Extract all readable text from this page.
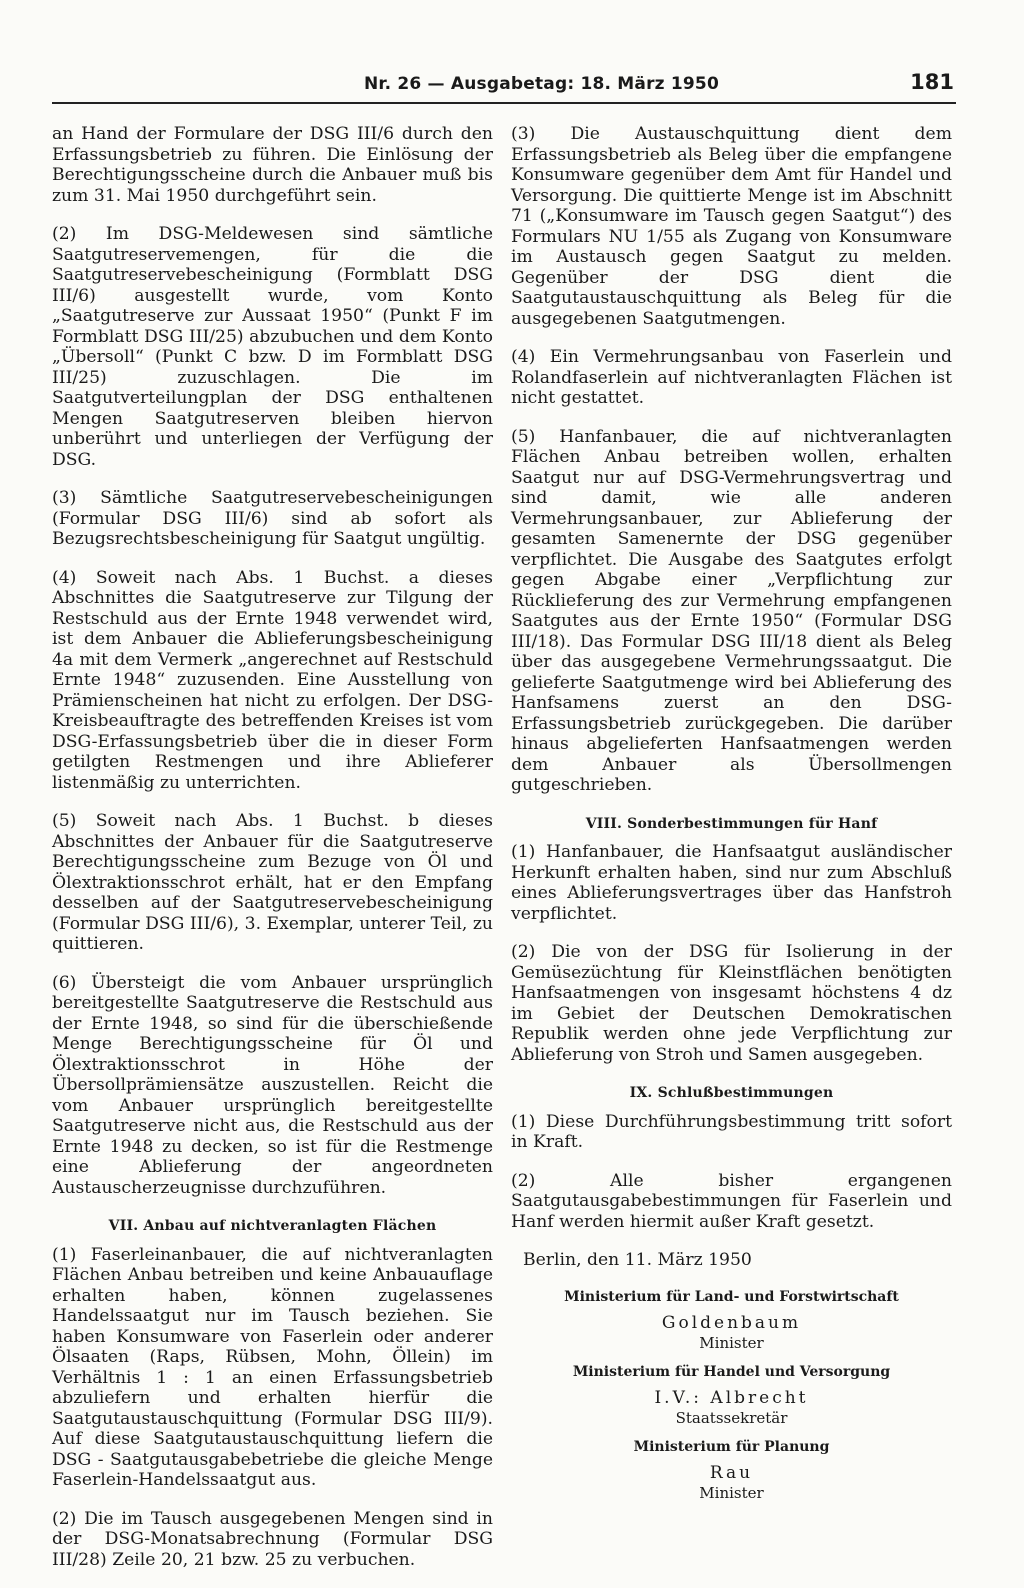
Nr. 26 — Ausgabetag: 18. März 1950	181

an Hand der Formulare der DSG III/6 durch den Erfassungsbetrieb zu führen. Die Einlösung der Berechtigungsscheine durch die Anbauer muß bis zum 31. Mai 1950 durchgeführt sein.

(2) Im DSG-Meldewesen sind sämtliche Saatgutreservemengen, für die die Saatgutreservebescheinigung (Formblatt DSG III/6) ausgestellt wurde, vom Konto „Saatgutreserve zur Aussaat 1950“ (Punkt F im Formblatt DSG III/25) abzubuchen und dem Konto „Übersoll“ (Punkt C bzw. D im Formblatt DSG III/25) zuzuschlagen. Die im Saatgutverteilungplan der DSG enthaltenen Mengen Saatgutreserven bleiben hiervon unberührt und unterliegen der Verfügung der DSG.

(3) Sämtliche Saatgutreservebescheinigungen (Formular DSG III/6) sind ab sofort als Bezugsrechtsbescheinigung für Saatgut ungültig.

(4) Soweit nach Abs. 1 Buchst. a dieses Abschnittes die Saatgutreserve zur Tilgung der Restschuld aus der Ernte 1948 verwendet wird, ist dem Anbauer die Ablieferungsbescheinigung 4a mit dem Vermerk „angerechnet auf Restschuld Ernte 1948“ zuzusenden. Eine Ausstellung von Prämienscheinen hat nicht zu erfolgen. Der DSG-Kreisbeauftragte des betreffenden Kreises ist vom DSG-Erfassungsbetrieb über die in dieser Form getilgten Restmengen und ihre Ablieferer listenmäßig zu unterrichten.

(5) Soweit nach Abs. 1 Buchst. b dieses Abschnittes der Anbauer für die Saatgutreserve Berechtigungsscheine zum Bezuge von Öl und Ölextraktionsschrot erhält, hat er den Empfang desselben auf der Saatgutreservebescheinigung (Formular DSG III/6), 3. Exemplar, unterer Teil, zu quittieren.

(6) Übersteigt die vom Anbauer ursprünglich bereitgestellte Saatgutreserve die Restschuld aus der Ernte 1948, so sind für die überschießende Menge Berechtigungsscheine für Öl und Ölextraktionsschrot in Höhe der Übersollprämiensätze auszustellen. Reicht die vom Anbauer ursprünglich bereitgestellte Saatgutreserve nicht aus, die Restschuld aus der Ernte 1948 zu decken, so ist für die Restmenge eine Ablieferung der angeordneten Austauscherzeugnisse durchzuführen.

VII. Anbau auf nichtveranlagten Flächen

(1) Faserleinanbauer, die auf nichtveranlagten Flächen Anbau betreiben und keine Anbauauflage erhalten haben, können zugelassenes Handelssaatgut nur im Tausch beziehen. Sie haben Konsumware von Faserlein oder anderer Ölsaaten (Raps, Rübsen, Mohn, Öllein) im Verhältnis 1 : 1 an einen Erfassungsbetrieb abzuliefern und erhalten hierfür die Saatgutaustauschquittung (Formular DSG III/9). Auf diese Saatgutaustauschquittung liefern die DSG - Saatgutausgabebetriebe die gleiche Menge Faserlein-Handelssaatgut aus.

(2) Die im Tausch ausgegebenen Mengen sind in der DSG-Monatsabrechnung (Formular DSG III/28) Zeile 20, 21 bzw. 25 zu verbuchen.

(3) Die Austauschquittung dient dem Erfassungsbetrieb als Beleg über die empfangene Konsumware gegenüber dem Amt für Handel und Versorgung. Die quittierte Menge ist im Abschnitt 71 („Konsumware im Tausch gegen Saatgut“) des Formulars NU 1/55 als Zugang von Konsumware im Austausch gegen Saatgut zu melden. Gegenüber der DSG dient die Saatgutaustauschquittung als Beleg für die ausgegebenen Saatgutmengen.

(4) Ein Vermehrungsanbau von Faserlein und Rolandfaserlein auf nichtveranlagten Flächen ist nicht gestattet.

(5) Hanfanbauer, die auf nichtveranlagten Flächen Anbau betreiben wollen, erhalten Saatgut nur auf DSG-Vermehrungsvertrag und sind damit, wie alle anderen Vermehrungsanbauer, zur Ablieferung der gesamten Samenernte der DSG gegenüber verpflichtet. Die Ausgabe des Saatgutes erfolgt gegen Abgabe einer „Verpflichtung zur Rücklieferung des zur Vermehrung empfangenen Saatgutes aus der Ernte 1950“ (Formular DSG III/18). Das Formular DSG III/18 dient als Beleg über das ausgegebene Vermehrungssaatgut. Die gelieferte Saatgutmenge wird bei Ablieferung des Hanfsamens zuerst an den DSG-Erfassungsbetrieb zurückgegeben. Die darüber hinaus abgelieferten Hanfsaatmengen werden dem Anbauer als Übersollmengen gutgeschrieben.

VIII. Sonderbestimmungen für Hanf

(1) Hanfanbauer, die Hanfsaatgut ausländischer Herkunft erhalten haben, sind nur zum Abschluß eines Ablieferungsvertrages über das Hanfstroh verpflichtet.

(2) Die von der DSG für Isolierung in der Gemüsezüchtung für Kleinstflächen benötigten Hanfsaatmengen von insgesamt höchstens 4 dz im Gebiet der Deutschen Demokratischen Republik werden ohne jede Verpflichtung zur Ablieferung von Stroh und Samen ausgegeben.

IX. Schlußbestimmungen

(1) Diese Durchführungsbestimmung tritt sofort in Kraft.

(2) Alle bisher ergangenen Saatgutausgabebestimmungen für Faserlein und Hanf werden hiermit außer Kraft gesetzt.

Berlin, den 11. März 1950
Ministerium für Land- und Forstwirtschaft
Goldenbaum
Minister
Ministerium für Handel und Versorgung
I.V.: Albrecht
Staatssekretär
Ministerium für Planung
Rau
Minister
